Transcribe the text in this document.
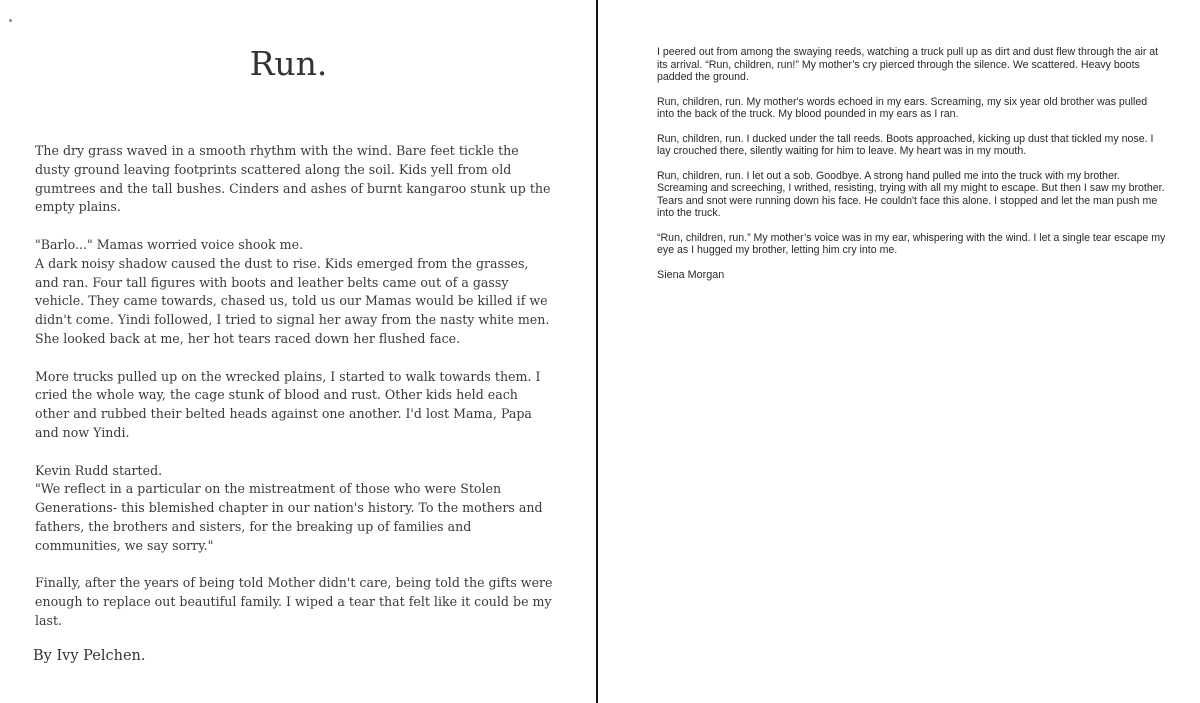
Run.

The dry grass waved in a smooth rhythm with the wind. Bare feet tickle the dusty ground leaving footprints scattered along the soil. Kids yell from old gumtrees and the tall bushes. Cinders and ashes of burnt kangaroo stunk up the empty plains.

"Barlo..." Mamas worried voice shook me.

A dark noisy shadow caused the dust to rise. Kids emerged from the grasses, and ran. Four tall figures with boots and leather belts came out of a gassy vehicle. They came towards, chased us, told us our Mamas would be killed if we didn't come. Yindi followed, I tried to signal her away from the nasty white men. She looked back at me, her hot tears raced down her flushed face.

More trucks pulled up on the wrecked plains, I started to walk towards them. I cried the whole way, the cage stunk of blood and rust. Other kids held each other and rubbed their belted heads against one another. I'd lost Mama, Papa and now Yindi.

Kevin Rudd started.

"We reflect in a particular on the mistreatment of those who were Stolen Generations- this blemished chapter in our nation's history. To the mothers and fathers, the brothers and sisters, for the breaking up of families and communities, we say sorry."

Finally, after the years of being told Mother didn't care, being told the gifts were enough to replace out beautiful family. I wiped a tear that felt like it could be my last.

By Ivy Pelchen.

I peered out from among the swaying reeds, watching a truck pull up as dirt and dust flew through the air at its arrival. “Run, children, run!” My mother’s cry pierced through the silence. We scattered. Heavy boots padded the ground.

Run, children, run. My mother's words echoed in my ears. Screaming, my six year old brother was pulled into the back of the truck. My blood pounded in my ears as I ran.

Run, children, run. I ducked under the tall reeds. Boots approached, kicking up dust that tickled my nose. I lay crouched there, silently waiting for him to leave. My heart was in my mouth.

Run, children, run. I let out a sob. Goodbye. A strong hand pulled me into the truck with my brother. Screaming and screeching, I writhed, resisting, trying with all my might to escape. But then I saw my brother. Tears and snot were running down his face. He couldn't face this alone. I stopped and let the man push me into the truck.

“Run, children, run.” My mother’s voice was in my ear, whispering with the wind. I let a single tear escape my eye as I hugged my brother, letting him cry into me.

Siena Morgan
